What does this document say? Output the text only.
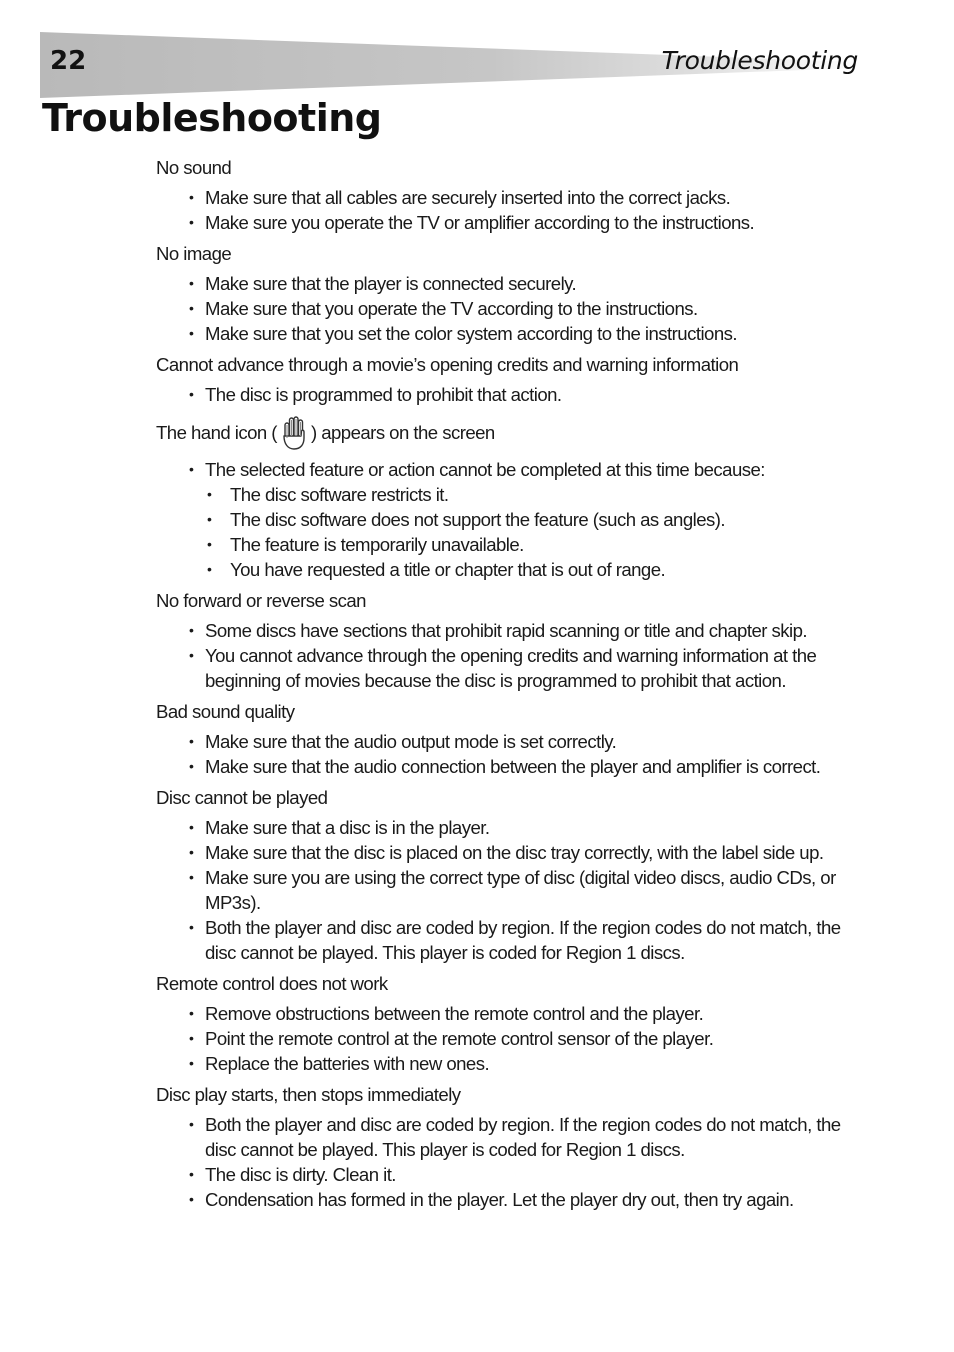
22	Troubleshooting
Troubleshooting

No sound

• Make sure that all cables are securely inserted into the correct jacks.
• Make sure you operate the TV or amplifier according to the instructions.

No image

• Make sure that the player is connected securely.
• Make sure that you operate the TV according to the instructions.
• Make sure that you set the color system according to the instructions.

Cannot advance through a movie’s opening credits and warning information

• The disc is programmed to prohibit that action.

The hand icon ( ) appears on the screen

• The selected feature or action cannot be completed at this time because:
• The disc software restricts it.
• The disc software does not support the feature (such as angles).
• The feature is temporarily unavailable.
• You have requested a title or chapter that is out of range.

No forward or reverse scan

• Some discs have sections that prohibit rapid scanning or title and chapter skip.
• You cannot advance through the opening credits and warning information at the beginning of movies because the disc is programmed to prohibit that action.

Bad sound quality

• Make sure that the audio output mode is set correctly.
• Make sure that the audio connection between the player and amplifier is correct.

Disc cannot be played

• Make sure that a disc is in the player.
• Make sure that the disc is placed on the disc tray correctly, with the label side up.
• Make sure you are using the correct type of disc (digital video discs, audio CDs, or MP3s).
• Both the player and disc are coded by region. If the region codes do not match, the disc cannot be played. This player is coded for Region 1 discs.

Remote control does not work

• Remove obstructions between the remote control and the player.
• Point the remote control at the remote control sensor of the player.
• Replace the batteries with new ones.

Disc play starts, then stops immediately

• Both the player and disc are coded by region. If the region codes do not match, the disc cannot be played. This player is coded for Region 1 discs.
• The disc is dirty. Clean it.
• Condensation has formed in the player. Let the player dry out, then try again.
